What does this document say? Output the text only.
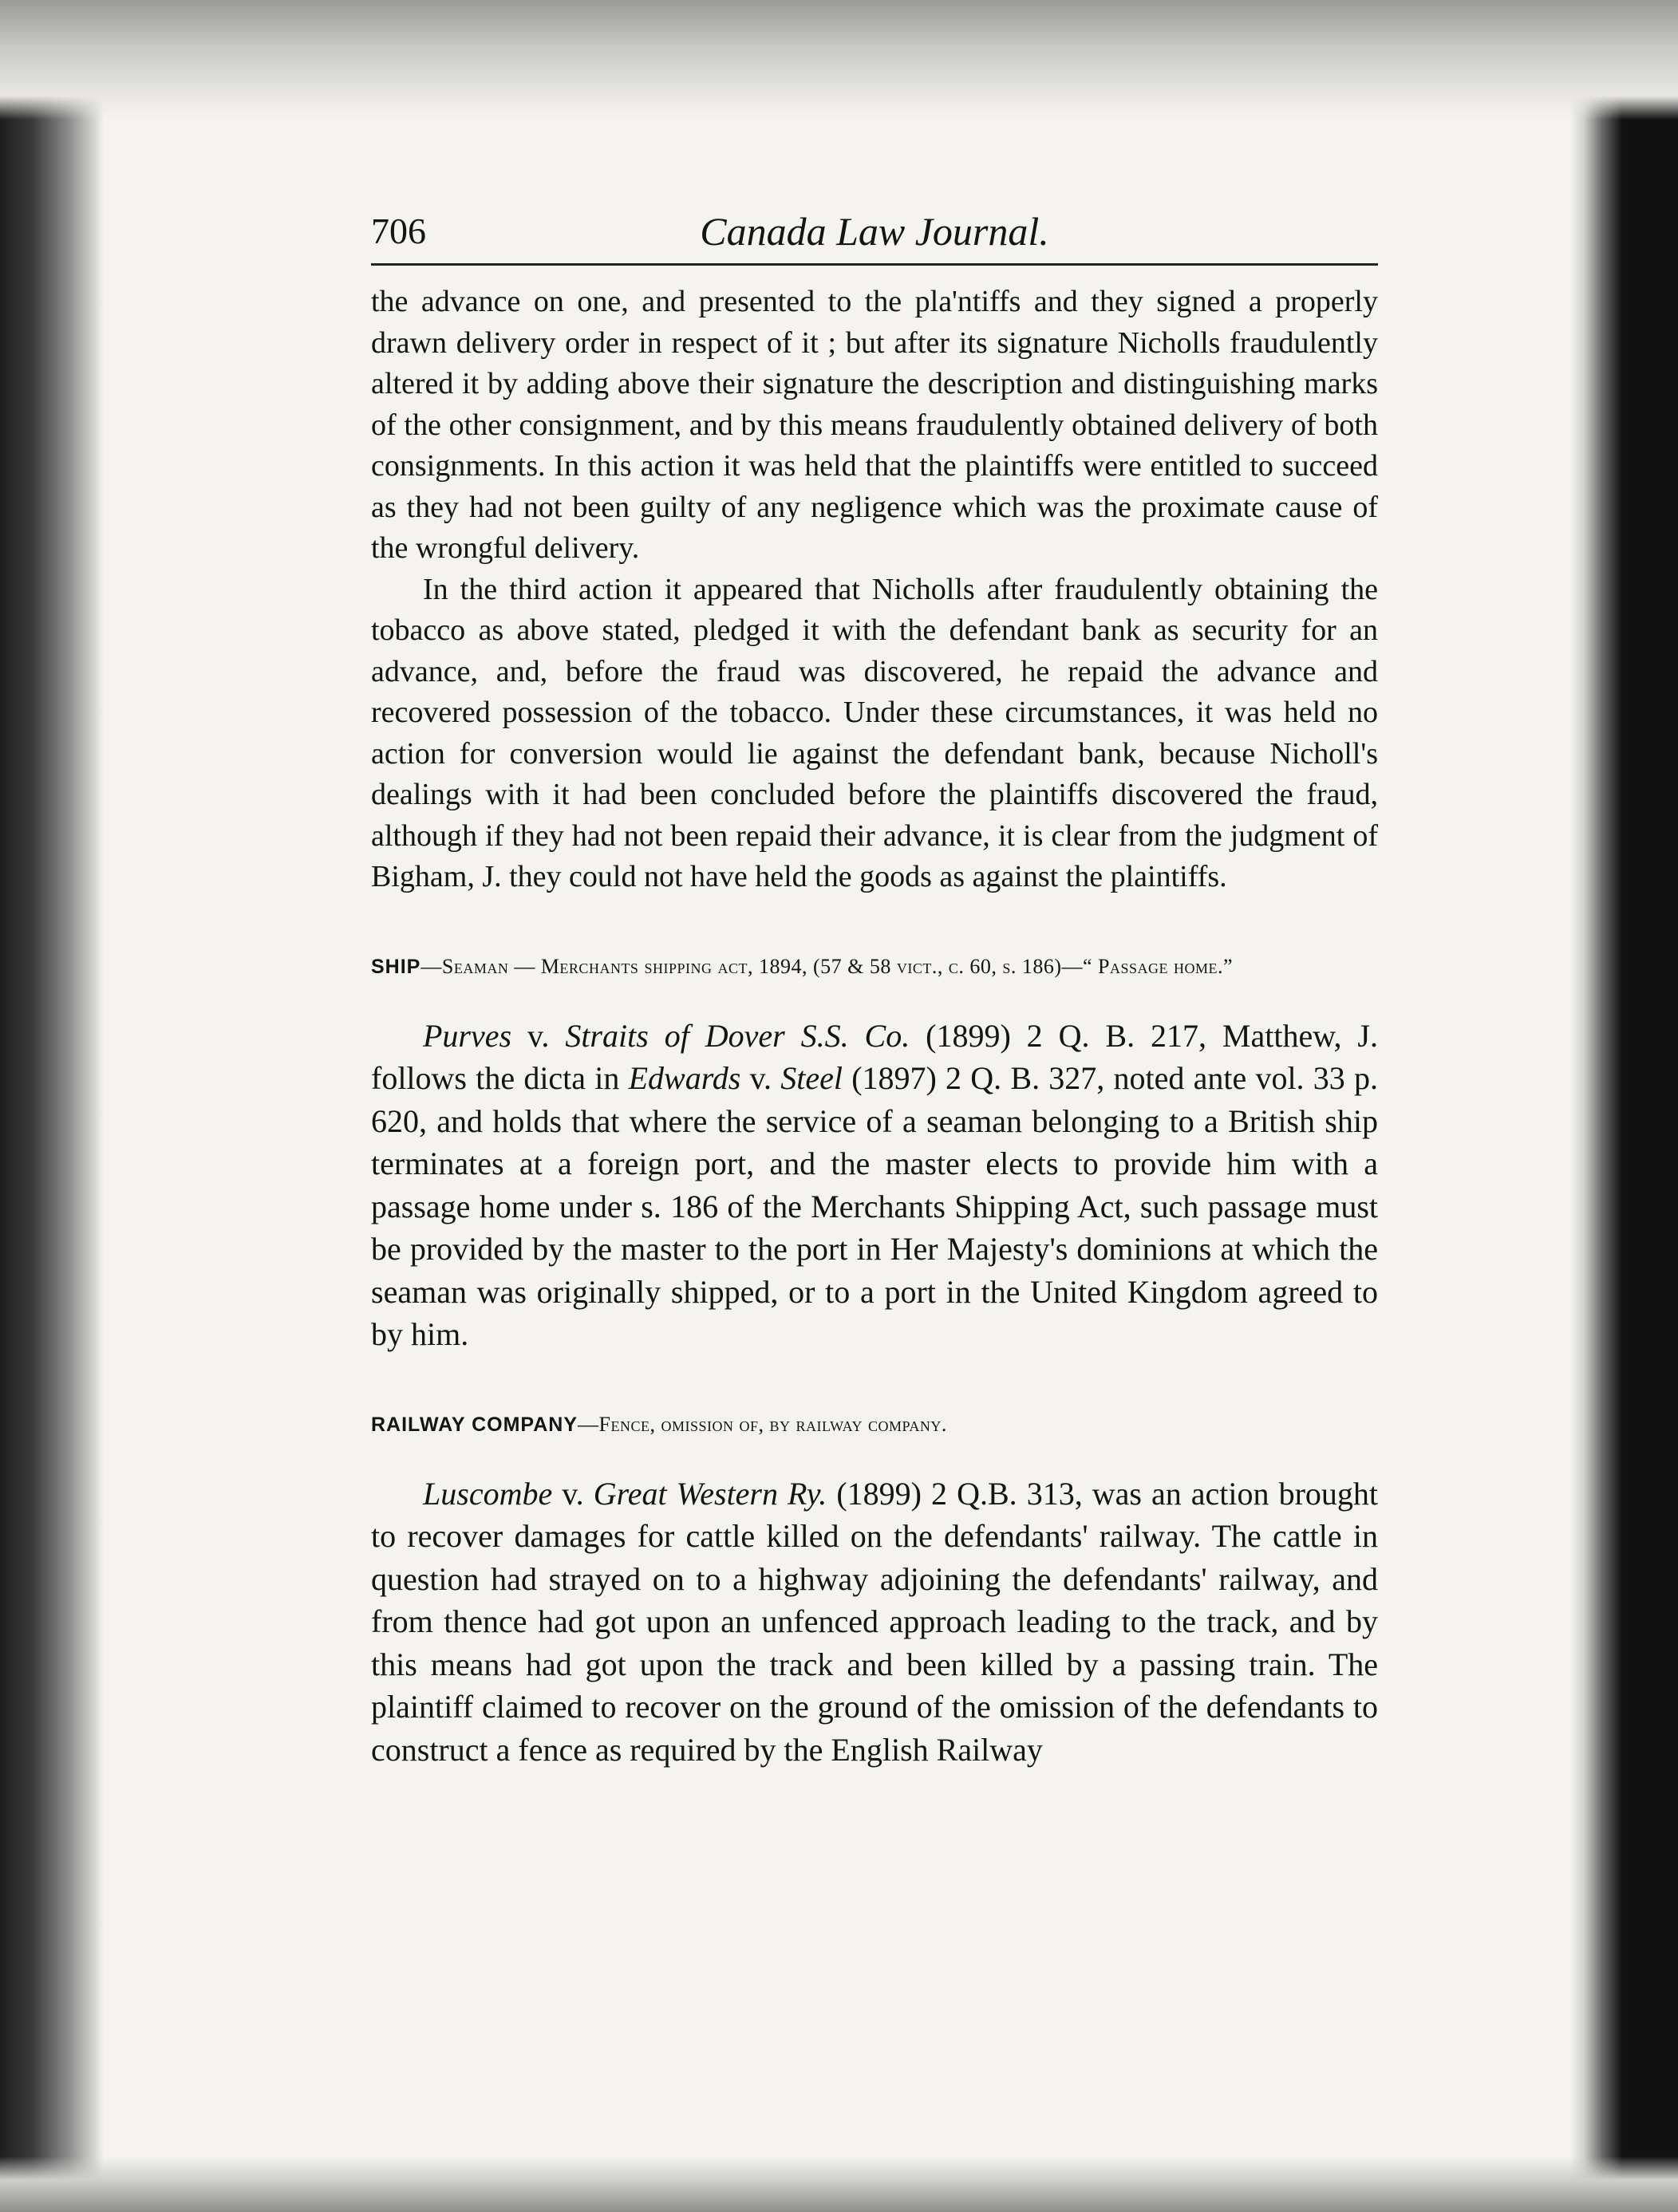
706	Canada Law Journal.

the advance on one, and presented to the pla'ntiffs and they signed a properly drawn delivery order in respect of it ; but after its signature Nicholls fraudulently altered it by adding above their signature the description and distinguishing marks of the other consignment, and by this means fraudulently obtained delivery of both consignments. In this action it was held that the plaintiffs were entitled to succeed as they had not been guilty of any negligence which was the proximate cause of the wrongful delivery.

In the third action it appeared that Nicholls after fraudulently obtaining the tobacco as above stated, pledged it with the defendant bank as security for an advance, and, before the fraud was discovered, he repaid the advance and recovered possession of the tobacco. Under these circumstances, it was held no action for conversion would lie against the defendant bank, because Nicholl's dealings with it had been concluded before the plaintiffs discovered the fraud, although if they had not been repaid their advance, it is clear from the judgment of Bigham, J. they could not have held the goods as against the plaintiffs.

SHIP—Seaman — Merchants shipping act, 1894, (57 & 58 vict., c. 60, s. 186)—“ Passage home.”

Purves v. Straits of Dover S.S. Co. (1899) 2 Q. B. 217, Matthew, J. follows the dicta in Edwards v. Steel (1897) 2 Q. B. 327, noted ante vol. 33 p. 620, and holds that where the service of a seaman belonging to a British ship terminates at a foreign port, and the master elects to provide him with a passage home under s. 186 of the Merchants Shipping Act, such passage must be provided by the master to the port in Her Majesty's dominions at which the seaman was originally shipped, or to a port in the United Kingdom agreed to by him.

RAILWAY COMPANY—Fence, omission of, by railway company.

Luscombe v. Great Western Ry. (1899) 2 Q.B. 313, was an action brought to recover damages for cattle killed on the defendants' railway. The cattle in question had strayed on to a highway adjoining the defendants' railway, and from thence had got upon an unfenced approach leading to the track, and by this means had got upon the track and been killed by a passing train. The plaintiff claimed to recover on the ground of the omission of the defendants to construct a fence as required by the English Railway
